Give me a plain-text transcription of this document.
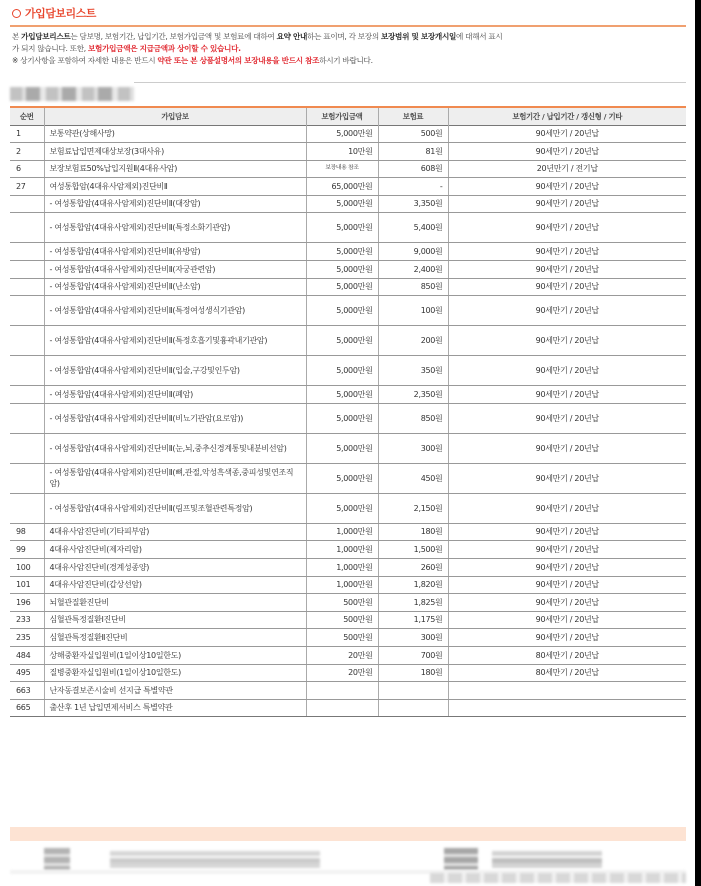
가입담보리스트
본 가입담보리스트는 담보명, 보험기간, 납입기간, 보험가입금액 및 보험료에 대하여 요약 안내하는 표이며, 각 보장의 보장범위 및 보장개시일에 대해서 표시
가 되지 않습니다. 또한, 보험가입금액은 지급금액과 상이할 수 있습니다.
※ 상기사항을 포함하여 자세한 내용은 반드시 약관 또는 본 상품설명서의 보장내용을 반드시 참조하시기 바랍니다.
순번	가입담보	보험가입금액	보험료	보험기간 / 납입기간 / 갱신형 / 기타
1	보통약관(상해사망)	5,000만원	500원	90세만기 / 20년납
2	보험료납입면제대상보장(3대사유)	10만원	81원	90세만기 / 20년납
6	보장보험료50%납입지원Ⅱ(4대유사암)	보장내용 참조	608원	20년만기 / 전기납
27	여성통합암(4대유사암제외)진단비Ⅱ	65,000만원	-	90세만기 / 20년납
	- 여성통합암(4대유사암제외)진단비Ⅱ(대장암)	5,000만원	3,350원	90세만기 / 20년납
	- 여성통합암(4대유사암제외)진단비Ⅱ(특정소화기관암)	5,000만원	5,400원	90세만기 / 20년납
	- 여성통합암(4대유사암제외)진단비Ⅱ(유방암)	5,000만원	9,000원	90세만기 / 20년납
	- 여성통합암(4대유사암제외)진단비Ⅱ(자궁관련암)	5,000만원	2,400원	90세만기 / 20년납
	- 여성통합암(4대유사암제외)진단비Ⅱ(난소암)	5,000만원	850원	90세만기 / 20년납
	- 여성통합암(4대유사암제외)진단비Ⅱ(특정여성생식기관암)	5,000만원	100원	90세만기 / 20년납
	- 여성통합암(4대유사암제외)진단비Ⅱ(특정호흡기및흉곽내기관암)	5,000만원	200원	90세만기 / 20년납
	- 여성통합암(4대유사암제외)진단비Ⅱ(입술,구강및인두암)	5,000만원	350원	90세만기 / 20년납
	- 여성통합암(4대유사암제외)진단비Ⅱ(폐암)	5,000만원	2,350원	90세만기 / 20년납
	- 여성통합암(4대유사암제외)진단비Ⅱ(비뇨기관암(요로암))	5,000만원	850원	90세만기 / 20년납
	- 여성통합암(4대유사암제외)진단비Ⅱ(눈,뇌,중추신경계통및내분비선암)	5,000만원	300원	90세만기 / 20년납
	- 여성통합암(4대유사암제외)진단비Ⅱ(뼈,관절,악성흑색종,중피성및연조직암)	5,000만원	450원	90세만기 / 20년납
	- 여성통합암(4대유사암제외)진단비Ⅱ(림프및조혈관련특정암)	5,000만원	2,150원	90세만기 / 20년납
98	4대유사암진단비(기타피부암)	1,000만원	180원	90세만기 / 20년납
99	4대유사암진단비(제자리암)	1,000만원	1,500원	90세만기 / 20년납
100	4대유사암진단비(경계성종양)	1,000만원	260원	90세만기 / 20년납
101	4대유사암진단비(갑상선암)	1,000만원	1,820원	90세만기 / 20년납
196	뇌혈관질환진단비	500만원	1,825원	90세만기 / 20년납
233	심혈관특정질환Ⅰ진단비	500만원	1,175원	90세만기 / 20년납
235	심혈관특정질환Ⅱ진단비	500만원	300원	90세만기 / 20년납
484	상해중환자실입원비(1일이상10일한도)	20만원	700원	80세만기 / 20년납
495	질병중환자실입원비(1일이상10일한도)	20만원	180원	80세만기 / 20년납
663	난자동결보존시술비 선지급 특별약관			
665	출산후 1년 납입면제서비스 특별약관			
